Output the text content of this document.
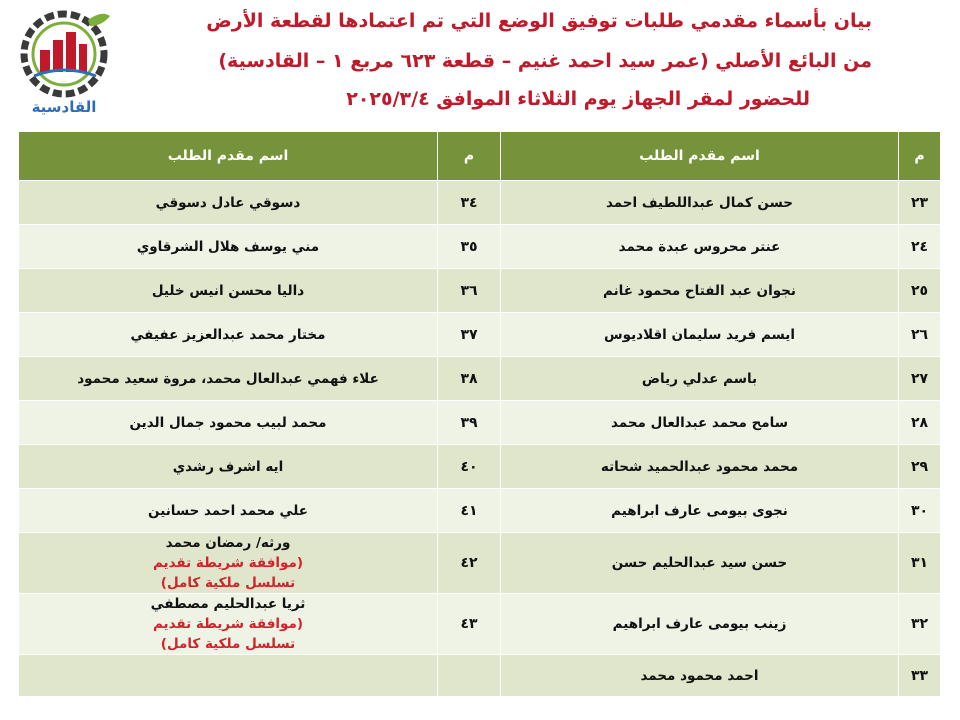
القادسية
بيان بأسماء مقدمي طلبات توفيق الوضع التي تم اعتمادها لقطعة الأرض
من البائع الأصلي (عمر سيد احمد غنيم – قطعة ٦٢٣ مربع ١ – القادسية)
للحضور لمقر الجهاز يوم الثلاثاء الموافق ٢٠٢٥/٣/٤
م	اسم مقدم الطلب	م	اسم مقدم الطلب
٢٣	حسن كمال عبداللطيف احمد	٣٤	دسوقي عادل دسوقي

٢٤	عنتر محروس عبدة محمد	٣٥	مني يوسف هلال الشرقاوي

٢٥	نجوان عبد الفتاح محمود غانم	٣٦	داليا محسن انيس خليل

٢٦	ايسم فريد سليمان اقلاديوس	٣٧	مختار محمد عبدالعزيز عفيفي

٢٧	باسم عدلي رياض	٣٨	علاء فهمي عبدالعال محمد، مروة سعيد محمود

٢٨	سامح محمد عبدالعال محمد	٣٩	محمد لبيب محمود جمال الدين

٢٩	محمد محمود عبدالحميد شحاته	٤٠	ايه اشرف رشدي

٣٠	نجوى بيومى عارف ابراهيم	٤١	علي محمد احمد حسانين

٣١	حسن سيد عبدالحليم حسن	٤٢	ورثه/ رمضان محمد
(موافقة شريطة تقديم
تسلسل ملكية كامل)

٣٢	زينب بيومى عارف ابراهيم	٤٣	ثريا عبدالحليم مصطفي
(موافقة شريطة تقديم
تسلسل ملكية كامل)

٣٣	احمد محمود محمد		
